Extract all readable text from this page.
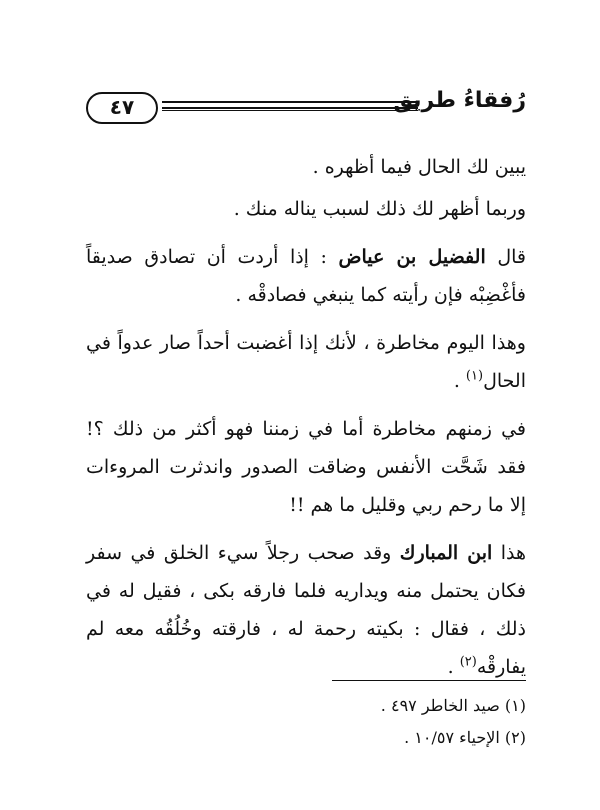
٤٧	رُفقاءُ طريق

يبين لك الحال فيما أظهره .

وربما أظهر لك ذلك لسبب يناله منك .

قال الفضيل بن عياض : إذا أردت أن تصادق صديقاً فأغْضِبْه فإن رأيته كما ينبغي فصادقْه .

وهذا اليوم مخاطرة ، لأنك إذا أغضبت أحداً صار عدواً في الحال$^{(١)}$ .

في زمنهم مخاطرة أما في زمننا فهو أكثر من ذلك ؟! فقد شَحَّت الأنفس وضاقت الصدور واندثرت المروءات إلا ما رحم ربي وقليل ما هم !!

هذا ابن المبارك وقد صحب رجلاً سيء الخلق في سفر فكان يحتمل منه ويداريه فلما فارقه بكى ، فقيل له في ذلك ، فقال : بكيته رحمة له ، فارقته وخُلُقُه معه لم يفارقْه$^{(٢)}$ .

(١) صيد الخاطر ٤٩٧ .

(٢) الإحياء ١٠/٥٧ .
